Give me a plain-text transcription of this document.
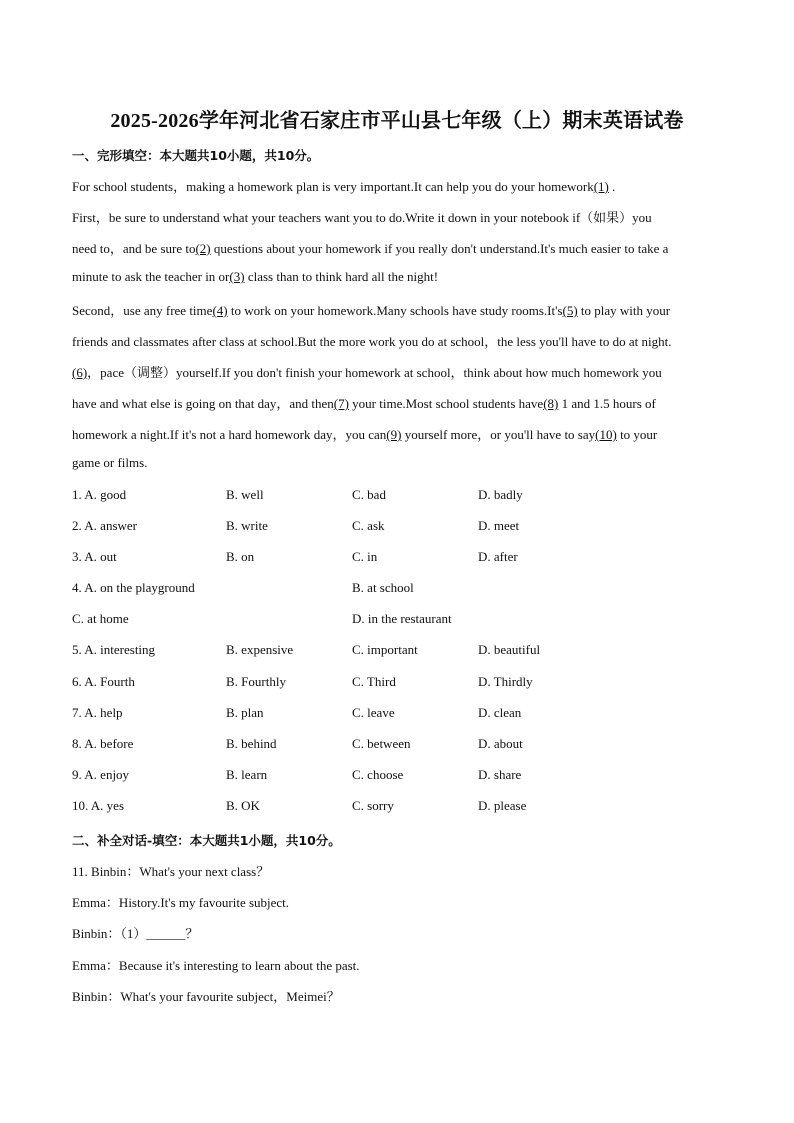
2025-2026学年河北省石家庄市平山县七年级（上）期末英语试卷
一、完形填空：本大题共10小题，共10分。
For school students，making a homework plan is very important.It can help you do your homework(1) .
First，be sure to understand what your teachers want you to do.Write it down in your notebook if（如果）you
need to，and be sure to(2) questions about your homework if you really don't understand.It's much easier to take a
minute to ask the teacher in or(3) class than to think hard all the night!
Second，use any free time(4) to work on your homework.Many schools have study rooms.It's(5) to play with your
friends and classmates after class at school.But the more work you do at school，the less you'll have to do at night.
(6)，pace（调整）yourself.If you don't finish your homework at school，think about how much homework you
have and what else is going on that day，and then(7) your time.Most school students have(8) 1 and 1.5 hours of
homework a night.If it's not a hard homework day，you can(9) yourself more，or you'll have to say(10) to your
game or films.
1. A. good	B. well	C. bad	D. badly
2. A. answer	B. write	C. ask	D. meet
3. A. out	B. on	C. in	D. after
4. A. on the playground	B. at school
C. at home	D. in the restaurant
5. A. interesting	B. expensive	C. important	D. beautiful
6. A. Fourth	B. Fourthly	C. Third	D. Thirdly
7. A. help	B. plan	C. leave	D. clean
8. A. before	B. behind	C. between	D. about
9. A. enjoy	B. learn	C. choose	D. share
10. A. yes	B. OK	C. sorry	D. please
二、补全对话-填空：本大题共1小题，共10分。
11. Binbin：What's your next class？
Emma：History.It's my favourite subject.
Binbin：（1）______？
Emma：Because it's interesting to learn about the past.
Binbin：What's your favourite subject，Meimei？
